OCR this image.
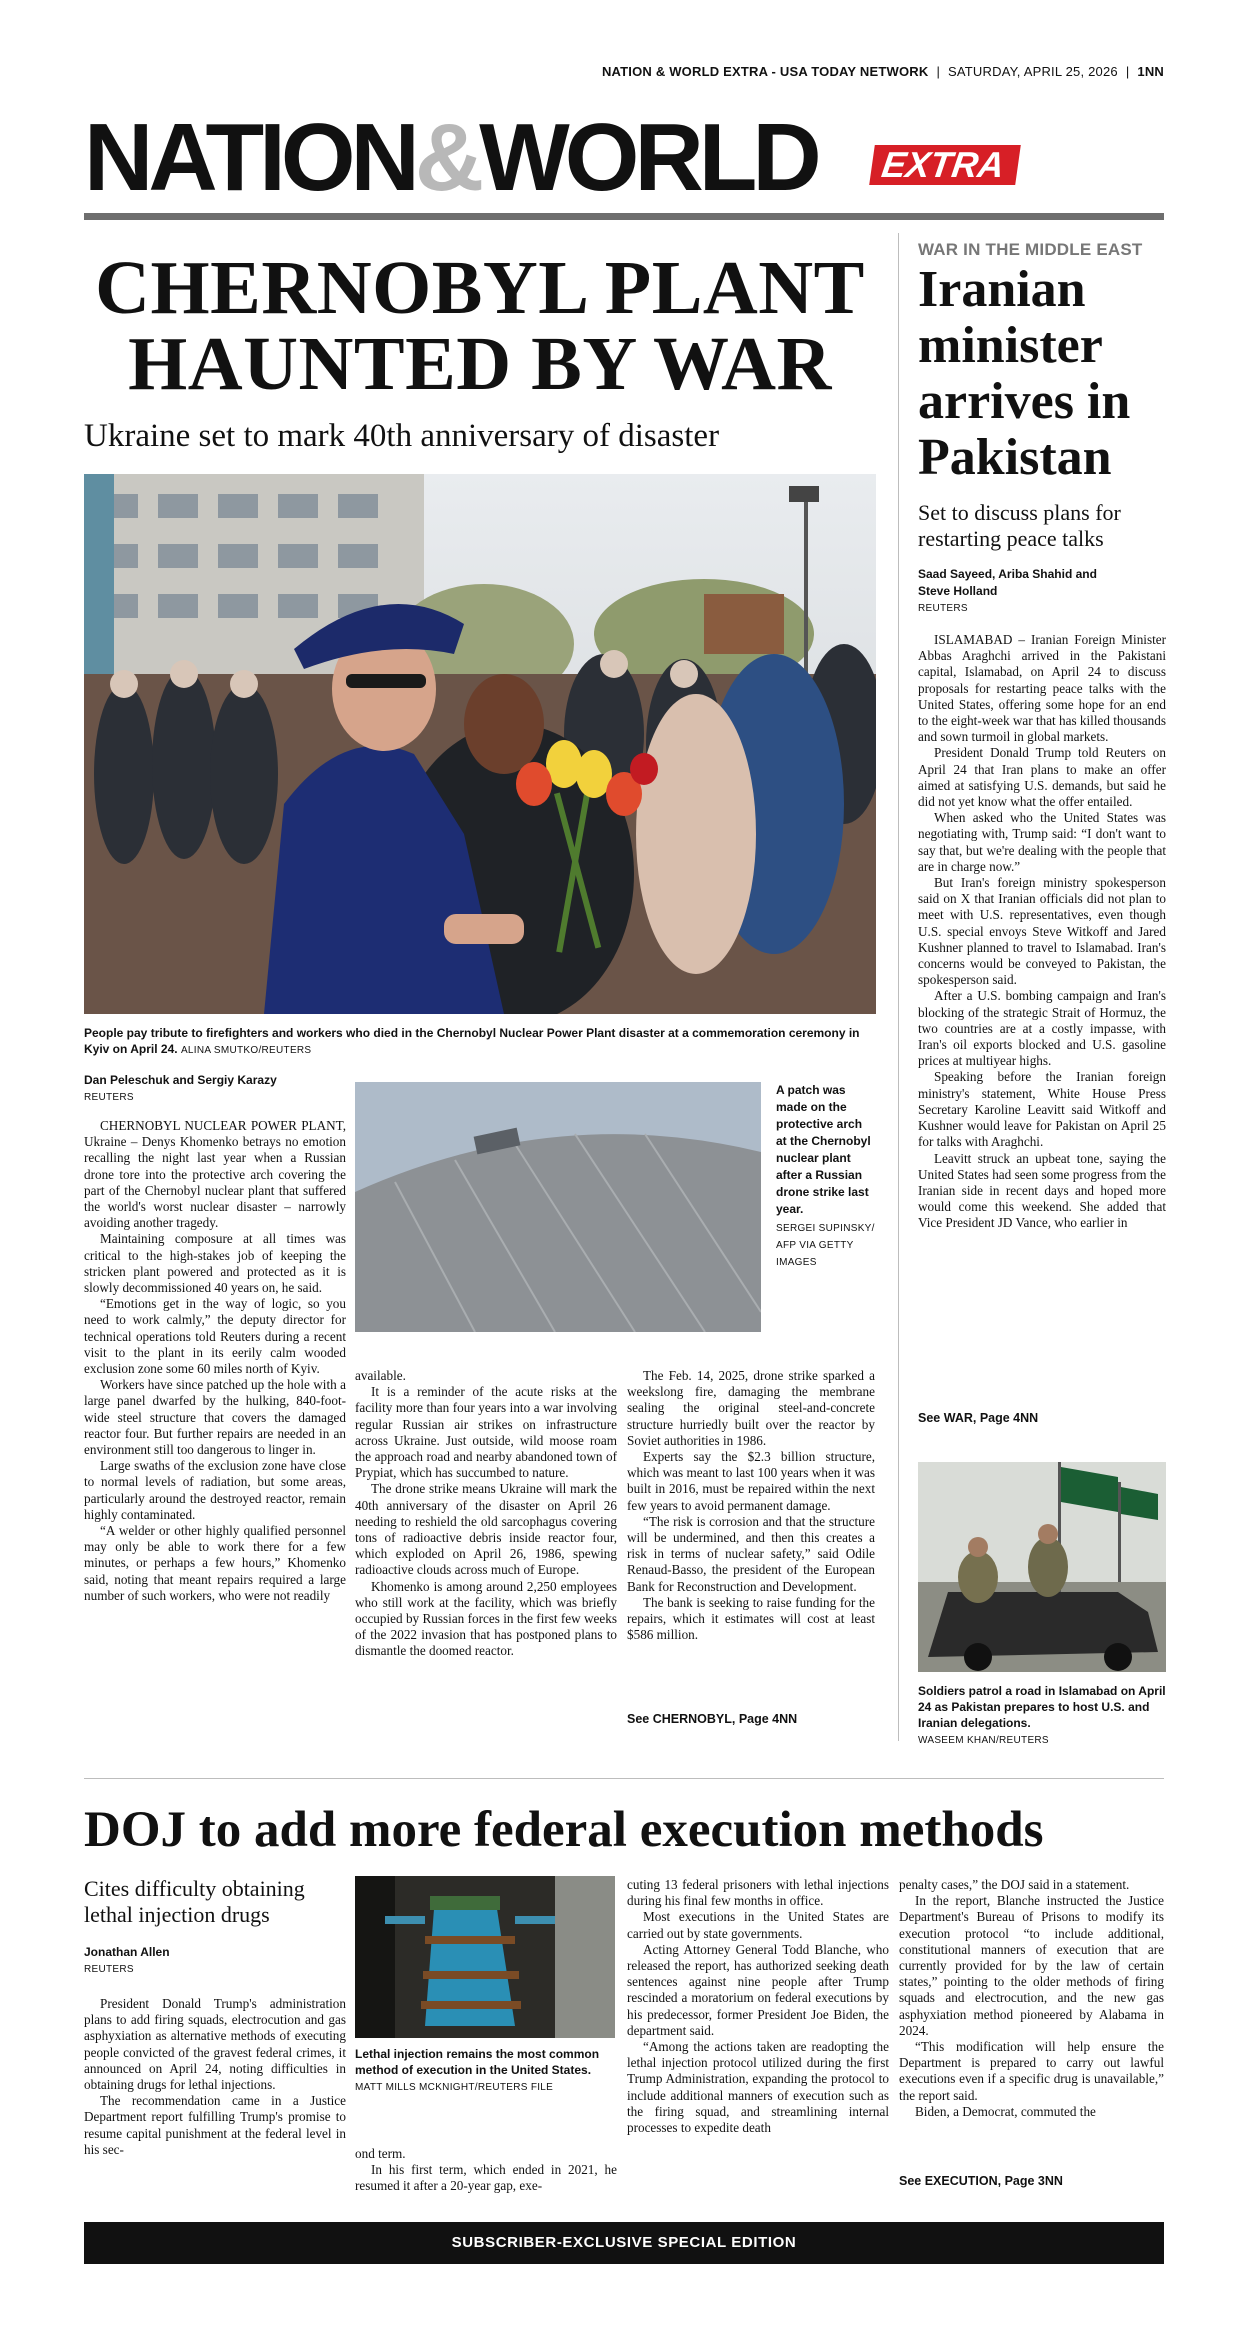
NATION & WORLD EXTRA - USA TODAY NETWORK | SATURDAY, APRIL 25, 2026 | 1NN
NATION & WORLD EXTRA
CHERNOBYL PLANT
HAUNTED BY WAR
Ukraine set to mark 40th anniversary of disaster
People pay tribute to firefighters and workers who died in the Chernobyl Nuclear Power Plant disaster at a commemoration ceremony in Kyiv on April 24. ALINA SMUTKO/REUTERS
Dan Peleschuk and Sergiy Karazy
REUTERS

CHERNOBYL NUCLEAR POWER PLANT, Ukraine – Denys Khomenko betrays no emotion recalling the night last year when a Russian drone tore into the protective arch covering the part of the Chernobyl nuclear plant that suffered the world's worst nuclear disaster – narrowly avoiding another tragedy.

Maintaining composure at all times was critical to the high-stakes job of keeping the stricken plant powered and protected as it is slowly decommissioned 40 years on, he said.

“Emotions get in the way of logic, so you need to work calmly,” the deputy director for technical operations told Reuters during a recent visit to the plant in its eerily calm wooded exclusion zone some 60 miles north of Kyiv.

Workers have since patched up the hole with a large panel dwarfed by the hulking, 840-foot-wide steel structure that covers the damaged reactor four. But further repairs are needed in an environment still too dangerous to linger in.

Large swaths of the exclusion zone have close to normal levels of radiation, but some areas, particularly around the destroyed reactor, remain highly contaminated.

“A welder or other highly qualified personnel may only be able to work there for a few minutes, or perhaps a few hours,” Khomenko said, noting that meant repairs required a large number of such workers, who were not readily

A patch was made on the protective arch at the Chernobyl nuclear plant after a Russian drone strike last year.
SERGEI SUPINSKY/ AFP VIA GETTY IMAGES

available.

It is a reminder of the acute risks at the facility more than four years into a war involving regular Russian air strikes on infrastructure across Ukraine. Just outside, wild moose roam the approach road and nearby abandoned town of Prypiat, which has succumbed to nature.

The drone strike means Ukraine will mark the 40th anniversary of the disaster on April 26 needing to reshield the old sarcophagus covering tons of radioactive debris inside reactor four, which exploded on April 26, 1986, spewing radioactive clouds across much of Europe.

Khomenko is among around 2,250 employees who still work at the facility, which was briefly occupied by Russian forces in the first few weeks of the 2022 invasion that has postponed plans to dismantle the doomed reactor.

The Feb. 14, 2025, drone strike sparked a weekslong fire, damaging the membrane sealing the original steel-and-concrete structure hurriedly built over the reactor by Soviet authorities in 1986.

Experts say the $2.3 billion structure, which was meant to last 100 years when it was built in 2016, must be repaired within the next few years to avoid permanent damage.

“The risk is corrosion and that the structure will be undermined, and then this creates a risk in terms of nuclear safety,” said Odile Renaud-Basso, the president of the European Bank for Reconstruction and Development.

The bank is seeking to raise funding for the repairs, which it estimates will cost at least $586 million.

See CHERNOBYL, Page 4NN
WAR IN THE MIDDLE EAST
Iranian minister arrives in Pakistan
Set to discuss plans for restarting peace talks
Saad Sayeed, Ariba Shahid and Steve Holland
REUTERS

ISLAMABAD – Iranian Foreign Minister Abbas Araghchi arrived in the Pakistani capital, Islamabad, on April 24 to discuss proposals for restarting peace talks with the United States, offering some hope for an end to the eight-week war that has killed thousands and sown turmoil in global markets.

President Donald Trump told Reuters on April 24 that Iran plans to make an offer aimed at satisfying U.S. demands, but said he did not yet know what the offer entailed.

When asked who the United States was negotiating with, Trump said: “I don't want to say that, but we're dealing with the people that are in charge now.”

But Iran's foreign ministry spokesperson said on X that Iranian officials did not plan to meet with U.S. representatives, even though U.S. special envoys Steve Witkoff and Jared Kushner planned to travel to Islamabad. Iran's concerns would be conveyed to Pakistan, the spokesperson said.

After a U.S. bombing campaign and Iran's blocking of the strategic Strait of Hormuz, the two countries are at a costly impasse, with Iran's oil exports blocked and U.S. gasoline prices at multiyear highs.

Speaking before the Iranian foreign ministry's statement, White House Press Secretary Karoline Leavitt said Witkoff and Kushner would leave for Pakistan on April 25 for talks with Araghchi.

Leavitt struck an upbeat tone, saying the United States had seen some progress from the Iranian side in recent days and hoped more would come this weekend. She added that Vice President JD Vance, who earlier in

See WAR, Page 4NN
Soldiers patrol a road in Islamabad on April 24 as Pakistan prepares to host U.S. and Iranian delegations.
WASEEM KHAN/REUTERS
DOJ to add more federal execution methods
Cites difficulty obtaining lethal injection drugs
Jonathan Allen
REUTERS

President Donald Trump's administration plans to add firing squads, electrocution and gas asphyxiation as alternative methods of executing people convicted of the gravest federal crimes, it announced on April 24, noting difficulties in obtaining drugs for lethal injections.

The recommendation came in a Justice Department report fulfilling Trump's promise to resume capital punishment at the federal level in his sec-

Lethal injection remains the most common method of execution in the United States.
MATT MILLS MCKNIGHT/REUTERS FILE

ond term.

In his first term, which ended in 2021, he resumed it after a 20-year gap, exe-

cuting 13 federal prisoners with lethal injections during his final few months in office.

Most executions in the United States are carried out by state governments.

Acting Attorney General Todd Blanche, who released the report, has authorized seeking death sentences against nine people after Trump rescinded a moratorium on federal executions by his predecessor, former President Joe Biden, the department said.

“Among the actions taken are readopting the lethal injection protocol utilized during the first Trump Administration, expanding the protocol to include additional manners of execution such as the firing squad, and streamlining internal processes to expedite death

penalty cases,” the DOJ said in a statement.

In the report, Blanche instructed the Justice Department's Bureau of Prisons to modify its execution protocol “to include additional, constitutional manners of execution that are currently provided for by the law of certain states,” pointing to the older methods of firing squads and electrocution, and the new gas asphyxiation method pioneered by Alabama in 2024.

“This modification will help ensure the Department is prepared to carry out lawful executions even if a specific drug is unavailable,” the report said.

Biden, a Democrat, commuted the

See EXECUTION, Page 3NN
SUBSCRIBER-EXCLUSIVE SPECIAL EDITION
